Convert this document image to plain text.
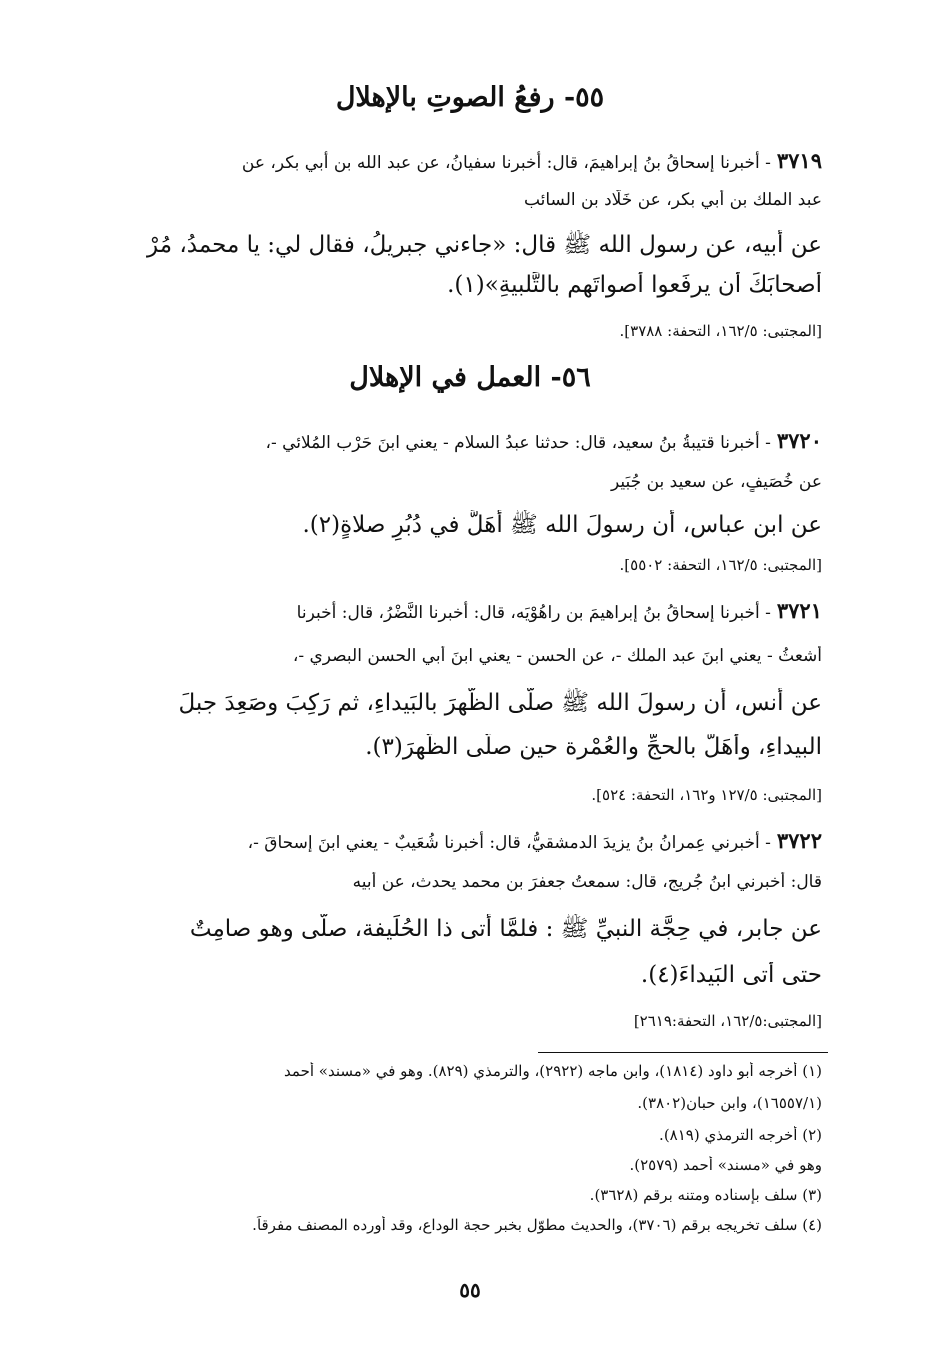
٥٥- رفعُ الصوتِ بالإهلال
٣٧١٩- أخبرنا إسحاقُ بنُ إبراهيمَ، قال: أخبرنا سفيانُ، عن عبد الله بن أبي بكر، عن
عبد الملك بن أبي بكر، عن خَلّاد بن السائب
عن أبيه، عن رسول الله ﷺ قال: «جاءني جبريلُ، فقال لي: يا محمدُ، مُرْ
أصحابَكَ أن يرفَعوا أصواتَهم بالتَّلبيةِ»(١).
[المجتبى: ١٦٢/٥، التحفة: ٣٧٨٨].
٥٦- العمل في الإهلال
٣٧٢٠- أخبرنا قتيبةُ بنُ سعيد، قال: حدثنا عبدُ السلام - يعني ابنَ حَرْب المُلائي -،
عن خُصَيفٍ، عن سعيد بن جُبَير
عن ابن عباس، أن رسولَ الله ﷺ أَهَلَّ في دُبُرِ صلاةٍ(٢).
[المجتبى: ١٦٢/٥، التحفة: ٥٥٠٢].
٣٧٢١- أخبرنا إسحاقُ بنُ إبراهيمَ بن راهُوْيَه، قال: أخبرنا النَّضْرُ، قال: أخبرنا
أشعثُ - يعني ابنَ عبد الملك -، عن الحسن - يعني ابنَ أبي الحسن البصري -،
عن أنس، أن رسولَ الله ﷺ صلّى الظُّهرَ بالبَيداءِ، ثم رَكِبَ وصَعِدَ جبلَ
البيداءِ، وأَهَلَّ بالحجِّ والعُمْرة حين صلّى الظُّهرَ(٣).
[المجتبى: ١٢٧/٥ و١٦٢، التحفة: ٥٢٤].
٣٧٢٢- أخبرني عِمرانُ بنُ يزيدَ الدمشقيُّ، قال: أخبرنا شُعَيبٌ - يعني ابنَ إسحاقَ -،
قال: أخبرني ابنُ جُريج، قال: سمعتُ جعفرَ بن محمد يحدث، عن أبيه
عن جابر، في حِجَّة النبيِّ ﷺ : فلمَّا أتى ذا الحُلَيفة، صلّى وهو صامِتٌ
حتى أتى البَيداءَ(٤).
[المجتبى:١٦٢/٥، التحفة:٢٦١٩]
(١) أخرجه أبو داود (١٨١٤)، وابن ماجه (٢٩٢٢)، والترمذي (٨٢٩). وهو في «مسند» أحمد
(١٦٥٥٧/١)، وابن حبان(٣٨٠٢).
(٢) أخرجه الترمذي (٨١٩).
وهو في «مسند» أحمد (٢٥٧٩).
(٣) سلف بإسناده ومتنه برقم (٣٦٢٨).
(٤) سلف تخريجه برقم (٣٧٠٦)، والحديث مطوّل بخبر حجة الوداع، وقد أورده المصنف مفرقاً.
٥٥
